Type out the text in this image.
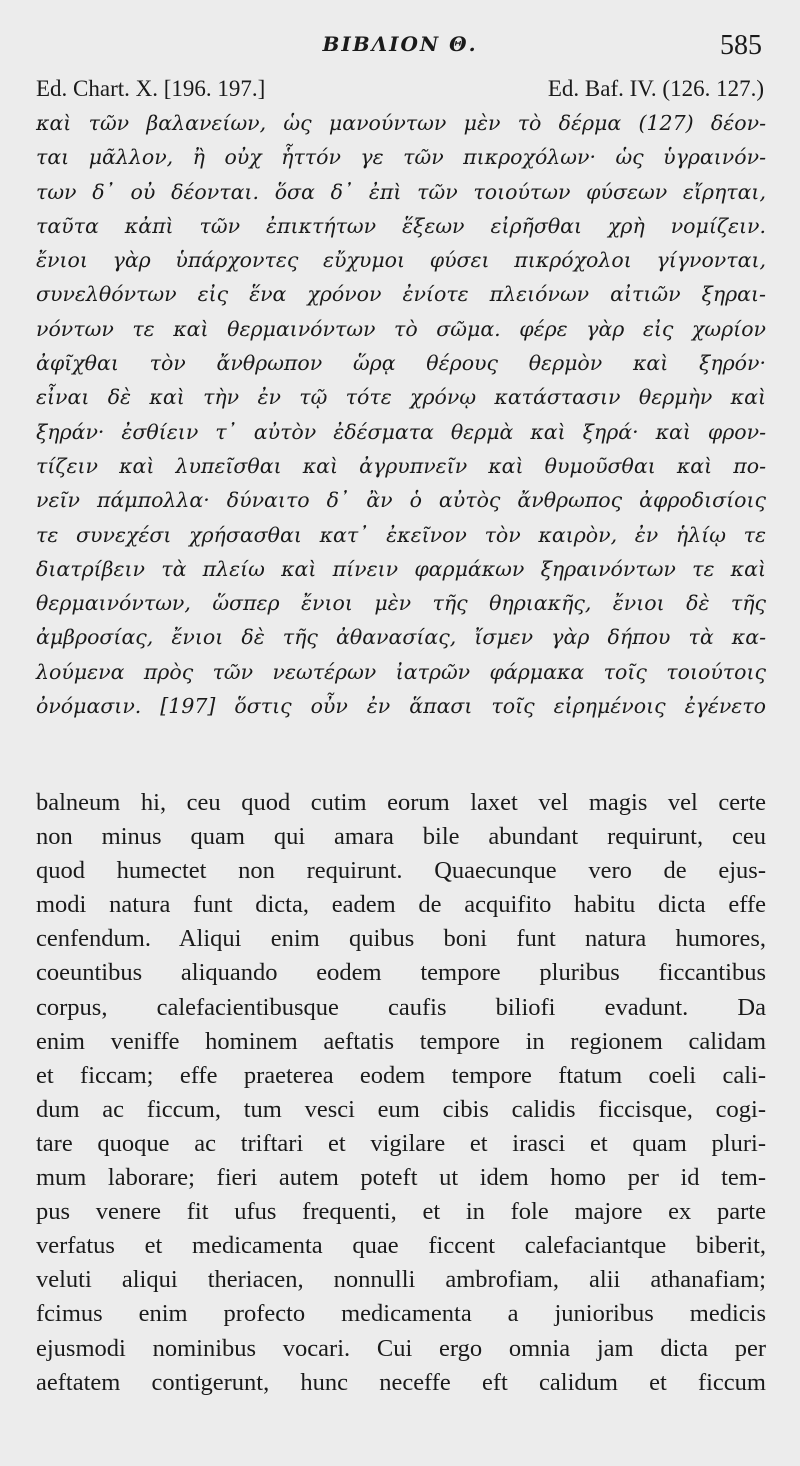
ΒΙΒΛΙΟΝ Θ.	585
Ed. Chart. X. [196. 197.]	Ed. Baf. IV. (126. 127.)
καὶ τῶν βαλανείων, ὡς μανούντων μὲν τὸ δέρμα (127) δέον-
ται μᾶλλον, ἢ οὐχ ἧττόν γε τῶν πικροχόλων· ὡς ὑγραινόν-
των δ᾽ οὐ δέονται. ὅσα δ᾽ ἐπὶ τῶν τοιούτων φύσεων εἴρηται,
ταῦτα κἀπὶ τῶν ἐπικτήτων ἕξεων εἰρῆσθαι χρὴ νομίζειν.
ἔνιοι γὰρ ὑπάρχοντες εὔχυμοι φύσει πικρόχολοι γίγνονται,
συνελθόντων εἰς ἕνα χρόνον ἐνίοτε πλειόνων αἰτιῶν ξηραι-
νόντων τε καὶ θερμαινόντων τὸ σῶμα. φέρε γὰρ εἰς χωρίον
ἀφῖχθαι τὸν ἄνθρωπον ὥρᾳ θέρους θερμὸν καὶ ξηρόν·
εἶναι δὲ καὶ τὴν ἐν τῷ τότε χρόνῳ κατάστασιν θερμὴν καὶ
ξηράν· ἐσθίειν τ᾽ αὐτὸν ἐδέσματα θερμὰ καὶ ξηρά· καὶ φρον-
τίζειν καὶ λυπεῖσθαι καὶ ἀγρυπνεῖν καὶ θυμοῦσθαι καὶ πο-
νεῖν πάμπολλα· δύναιτο δ᾽ ἂν ὁ αὐτὸς ἄνθρωπος ἀφροδισίοις
τε συνεχέσι χρήσασθαι κατ᾽ ἐκεῖνον τὸν καιρὸν, ἐν ἡλίῳ τε
διατρίβειν τὰ πλείω καὶ πίνειν φαρμάκων ξηραινόντων τε καὶ
θερμαινόντων, ὥσπερ ἔνιοι μὲν τῆς θηριακῆς, ἔνιοι δὲ τῆς
ἀμβροσίας, ἔνιοι δὲ τῆς ἀθανασίας, ἴσμεν γὰρ δήπου τὰ κα-
λούμενα πρὸς τῶν νεωτέρων ἰατρῶν φάρμακα τοῖς τοιούτοις
ὀνόμασιν. [197] ὅστις οὖν ἐν ἅπασι τοῖς εἰρημένοις ἐγένετο
balneum hi, ceu quod cutim eorum laxet vel magis vel certe
non minus quam qui amara bile abundant requirunt, ceu
quod humectet non requirunt. Quaecunque vero de ejus-
modi natura funt dicta, eadem de acquifito habitu dicta effe
cenfendum. Aliqui enim quibus boni funt natura humores,
coeuntibus aliquando eodem tempore pluribus ficcantibus
corpus, calefacientibusque caufis biliofi evadunt. Da
enim veniffe hominem aeftatis tempore in regionem calidam
et ficcam; effe praeterea eodem tempore ftatum coeli cali-
dum ac ficcum, tum vesci eum cibis calidis ficcisque, cogi-
tare quoque ac triftari et vigilare et irasci et quam pluri-
mum laborare; fieri autem poteft ut idem homo per id tem-
pus venere fit ufus frequenti, et in fole majore ex parte
verfatus et medicamenta quae ficcent calefaciantque biberit,
veluti aliqui theriacen, nonnulli ambrofiam, alii athanafiam;
fcimus enim profecto medicamenta a junioribus medicis
ejusmodi nominibus vocari. Cui ergo omnia jam dicta per
aeftatem contigerunt, hunc neceffe eft calidum et ficcum
